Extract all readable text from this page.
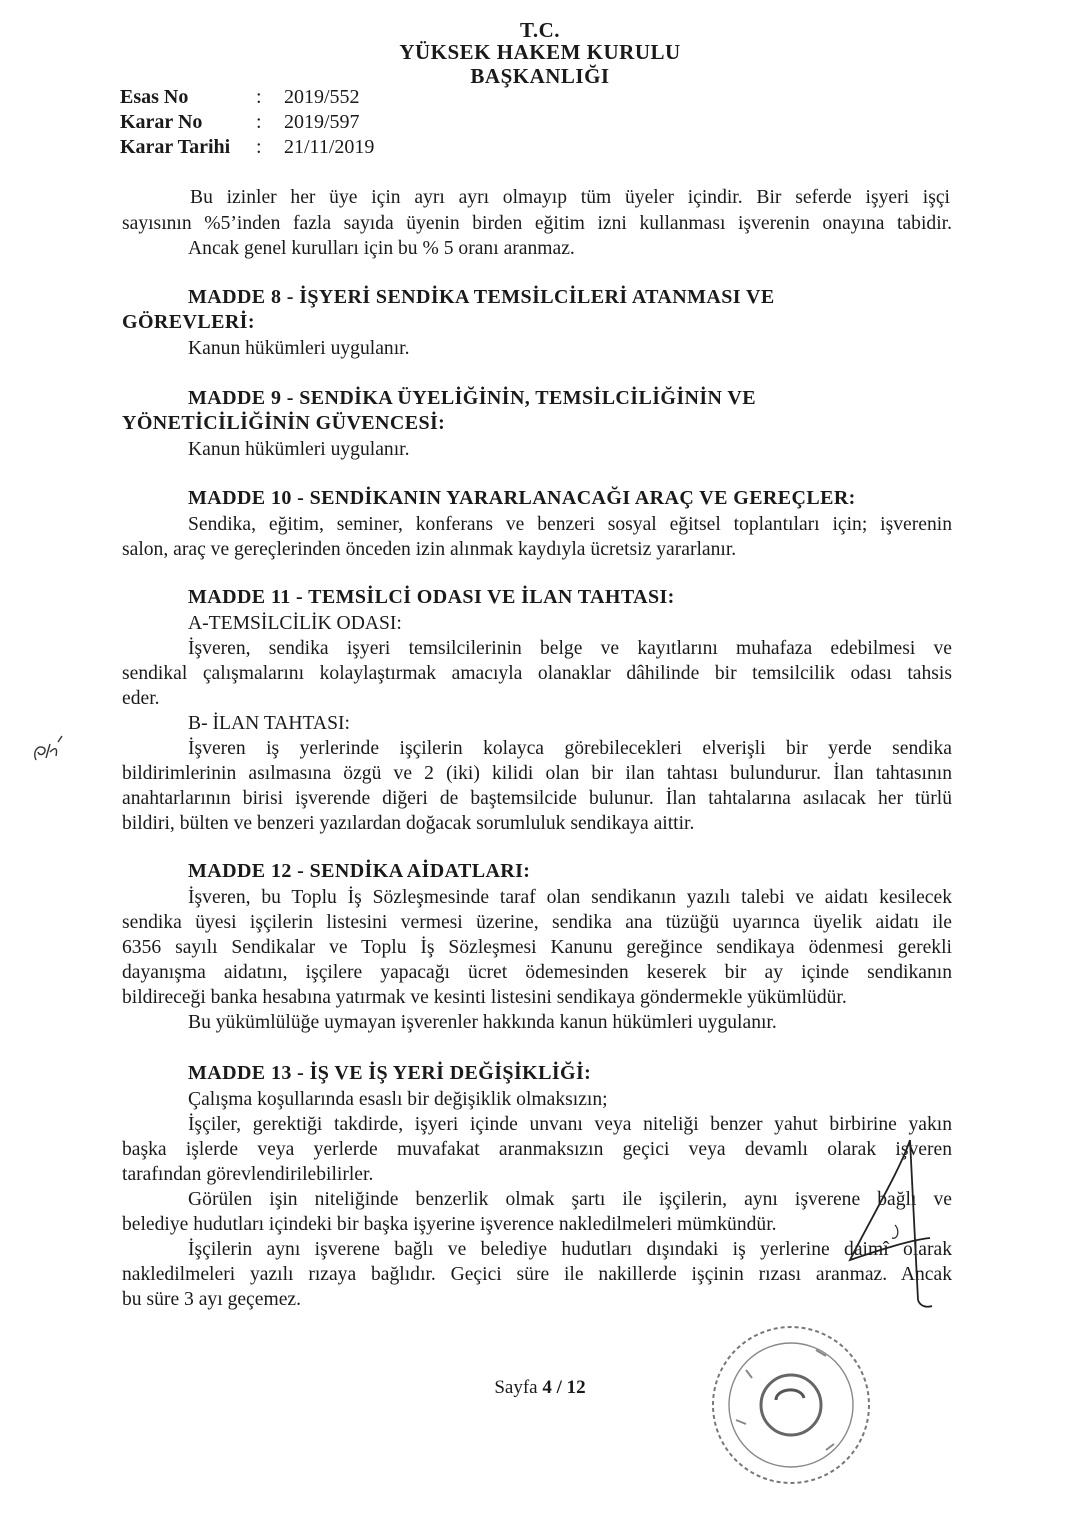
T.C.
YÜKSEK HAKEM KURULU
BAŞKANLIĞI
Esas No	: 2019/552
Karar No	: 2019/597
Karar Tarihi : 21/11/2019
Bu izinler her üye için ayrı ayrı olmayıp tüm üyeler içindir. Bir seferde işyeri işçi
sayısının %5’inden fazla sayıda üyenin birden eğitim izni kullanması işverenin onayına tabidir.
Ancak genel kurulları için bu % 5 oranı aranmaz.
MADDE 8 - İŞYERİ SENDİKA TEMSİLCİLERİ ATANMASI VE
GÖREVLERİ:
Kanun hükümleri uygulanır.
MADDE 9 - SENDİKA ÜYELİĞİNİN, TEMSİLCİLİĞİNİN VE
YÖNETİCİLİĞİNİN GÜVENCESİ:
Kanun hükümleri uygulanır.
MADDE 10 - SENDİKANIN YARARLANACAĞI ARAÇ VE GEREÇLER:
Sendika, eğitim, seminer, konferans ve benzeri sosyal eğitsel toplantıları için; işverenin
salon, araç ve gereçlerinden önceden izin alınmak kaydıyla ücretsiz yararlanır.
MADDE 11 - TEMSİLCİ ODASI VE İLAN TAHTASI:
A-TEMSİLCİLİK ODASI:
İşveren, sendika işyeri temsilcilerinin belge ve kayıtlarını muhafaza edebilmesi ve
sendikal çalışmalarını kolaylaştırmak amacıyla olanaklar dâhilinde bir temsilcilik odası tahsis
eder.
B- İLAN TAHTASI:
İşveren iş yerlerinde işçilerin kolayca görebilecekleri elverişli bir yerde sendika
bildirimlerinin asılmasına özgü ve 2 (iki) kilidi olan bir ilan tahtası bulundurur. İlan tahtasının
anahtarlarının birisi işverende diğeri de baştemsilcide bulunur. İlan tahtalarına asılacak her türlü
bildiri, bülten ve benzeri yazılardan doğacak sorumluluk sendikaya aittir.
MADDE 12 - SENDİKA AİDATLARI:
İşveren, bu Toplu İş Sözleşmesinde taraf olan sendikanın yazılı talebi ve aidatı kesilecek
sendika üyesi işçilerin listesini vermesi üzerine, sendika ana tüzüğü uyarınca üyelik aidatı ile
6356 sayılı Sendikalar ve Toplu İş Sözleşmesi Kanunu gereğince sendikaya ödenmesi gerekli
dayanışma aidatını, işçilere yapacağı ücret ödemesinden keserek bir ay içinde sendikanın
bildireceği banka hesabına yatırmak ve kesinti listesini sendikaya göndermekle yükümlüdür.
Bu yükümlülüğe uymayan işverenler hakkında kanun hükümleri uygulanır.
MADDE 13 - İŞ VE İŞ YERİ DEĞİŞİKLİĞİ:
Çalışma koşullarında esaslı bir değişiklik olmaksızın;
İşçiler, gerektiği takdirde, işyeri içinde unvanı veya niteliği benzer yahut birbirine yakın
başka işlerde veya yerlerde muvafakat aranmaksızın geçici veya devamlı olarak işveren
tarafından görevlendirilebilirler.
Görülen işin niteliğinde benzerlik olmak şartı ile işçilerin, aynı işverene bağlı ve
belediye hudutları içindeki bir başka işyerine işverence nakledilmeleri mümkündür.
İşçilerin aynı işverene bağlı ve belediye hudutları dışındaki iş yerlerine daimî olarak
nakledilmeleri yazılı rızaya bağlıdır. Geçici süre ile nakillerde işçinin rızası aranmaz. Ancak
bu süre 3 ayı geçemez.
Sayfa 4 / 12
